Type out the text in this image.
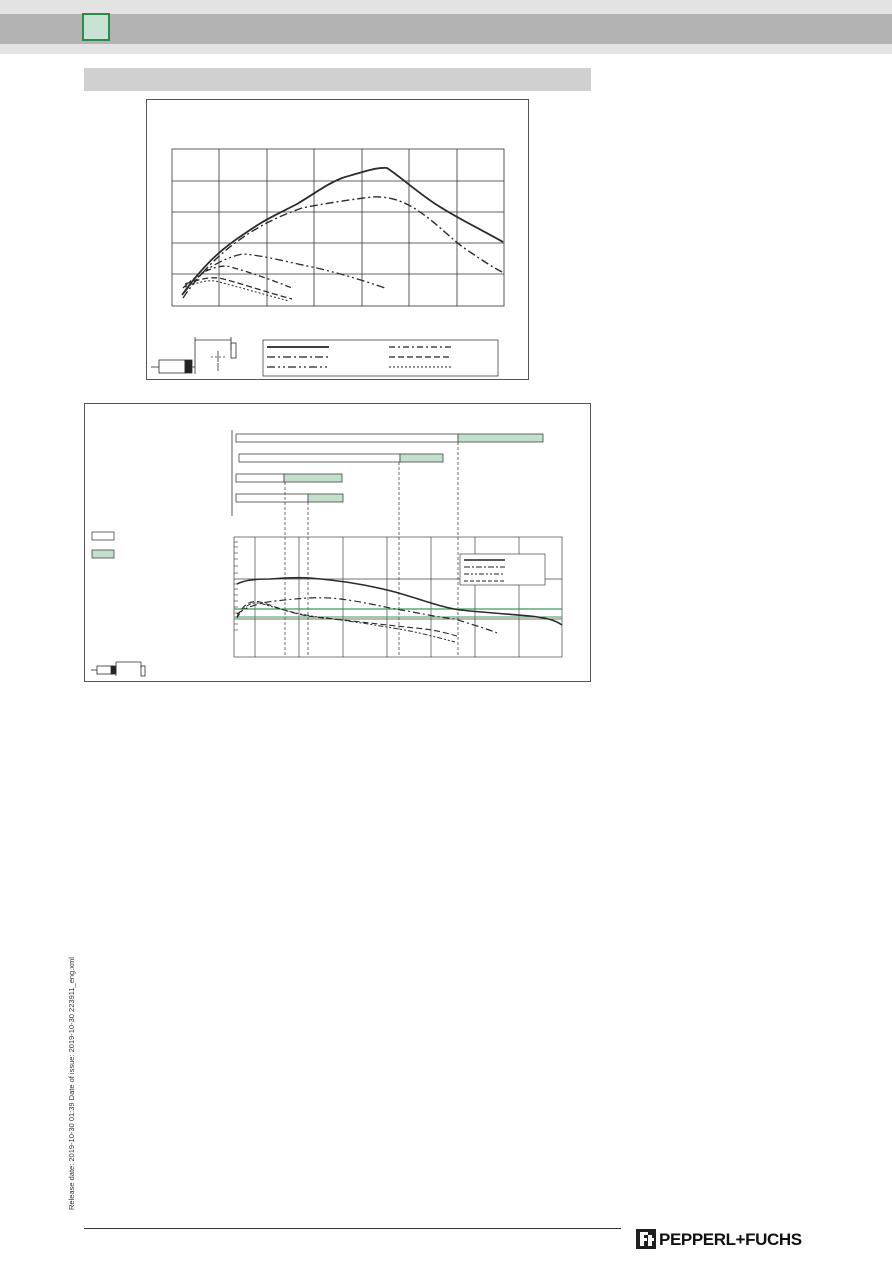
Release date: 2019-10-30 01:39 Date of issue: 2019-10-30 223911_eng.xml
PEPPERL+FUCHS
